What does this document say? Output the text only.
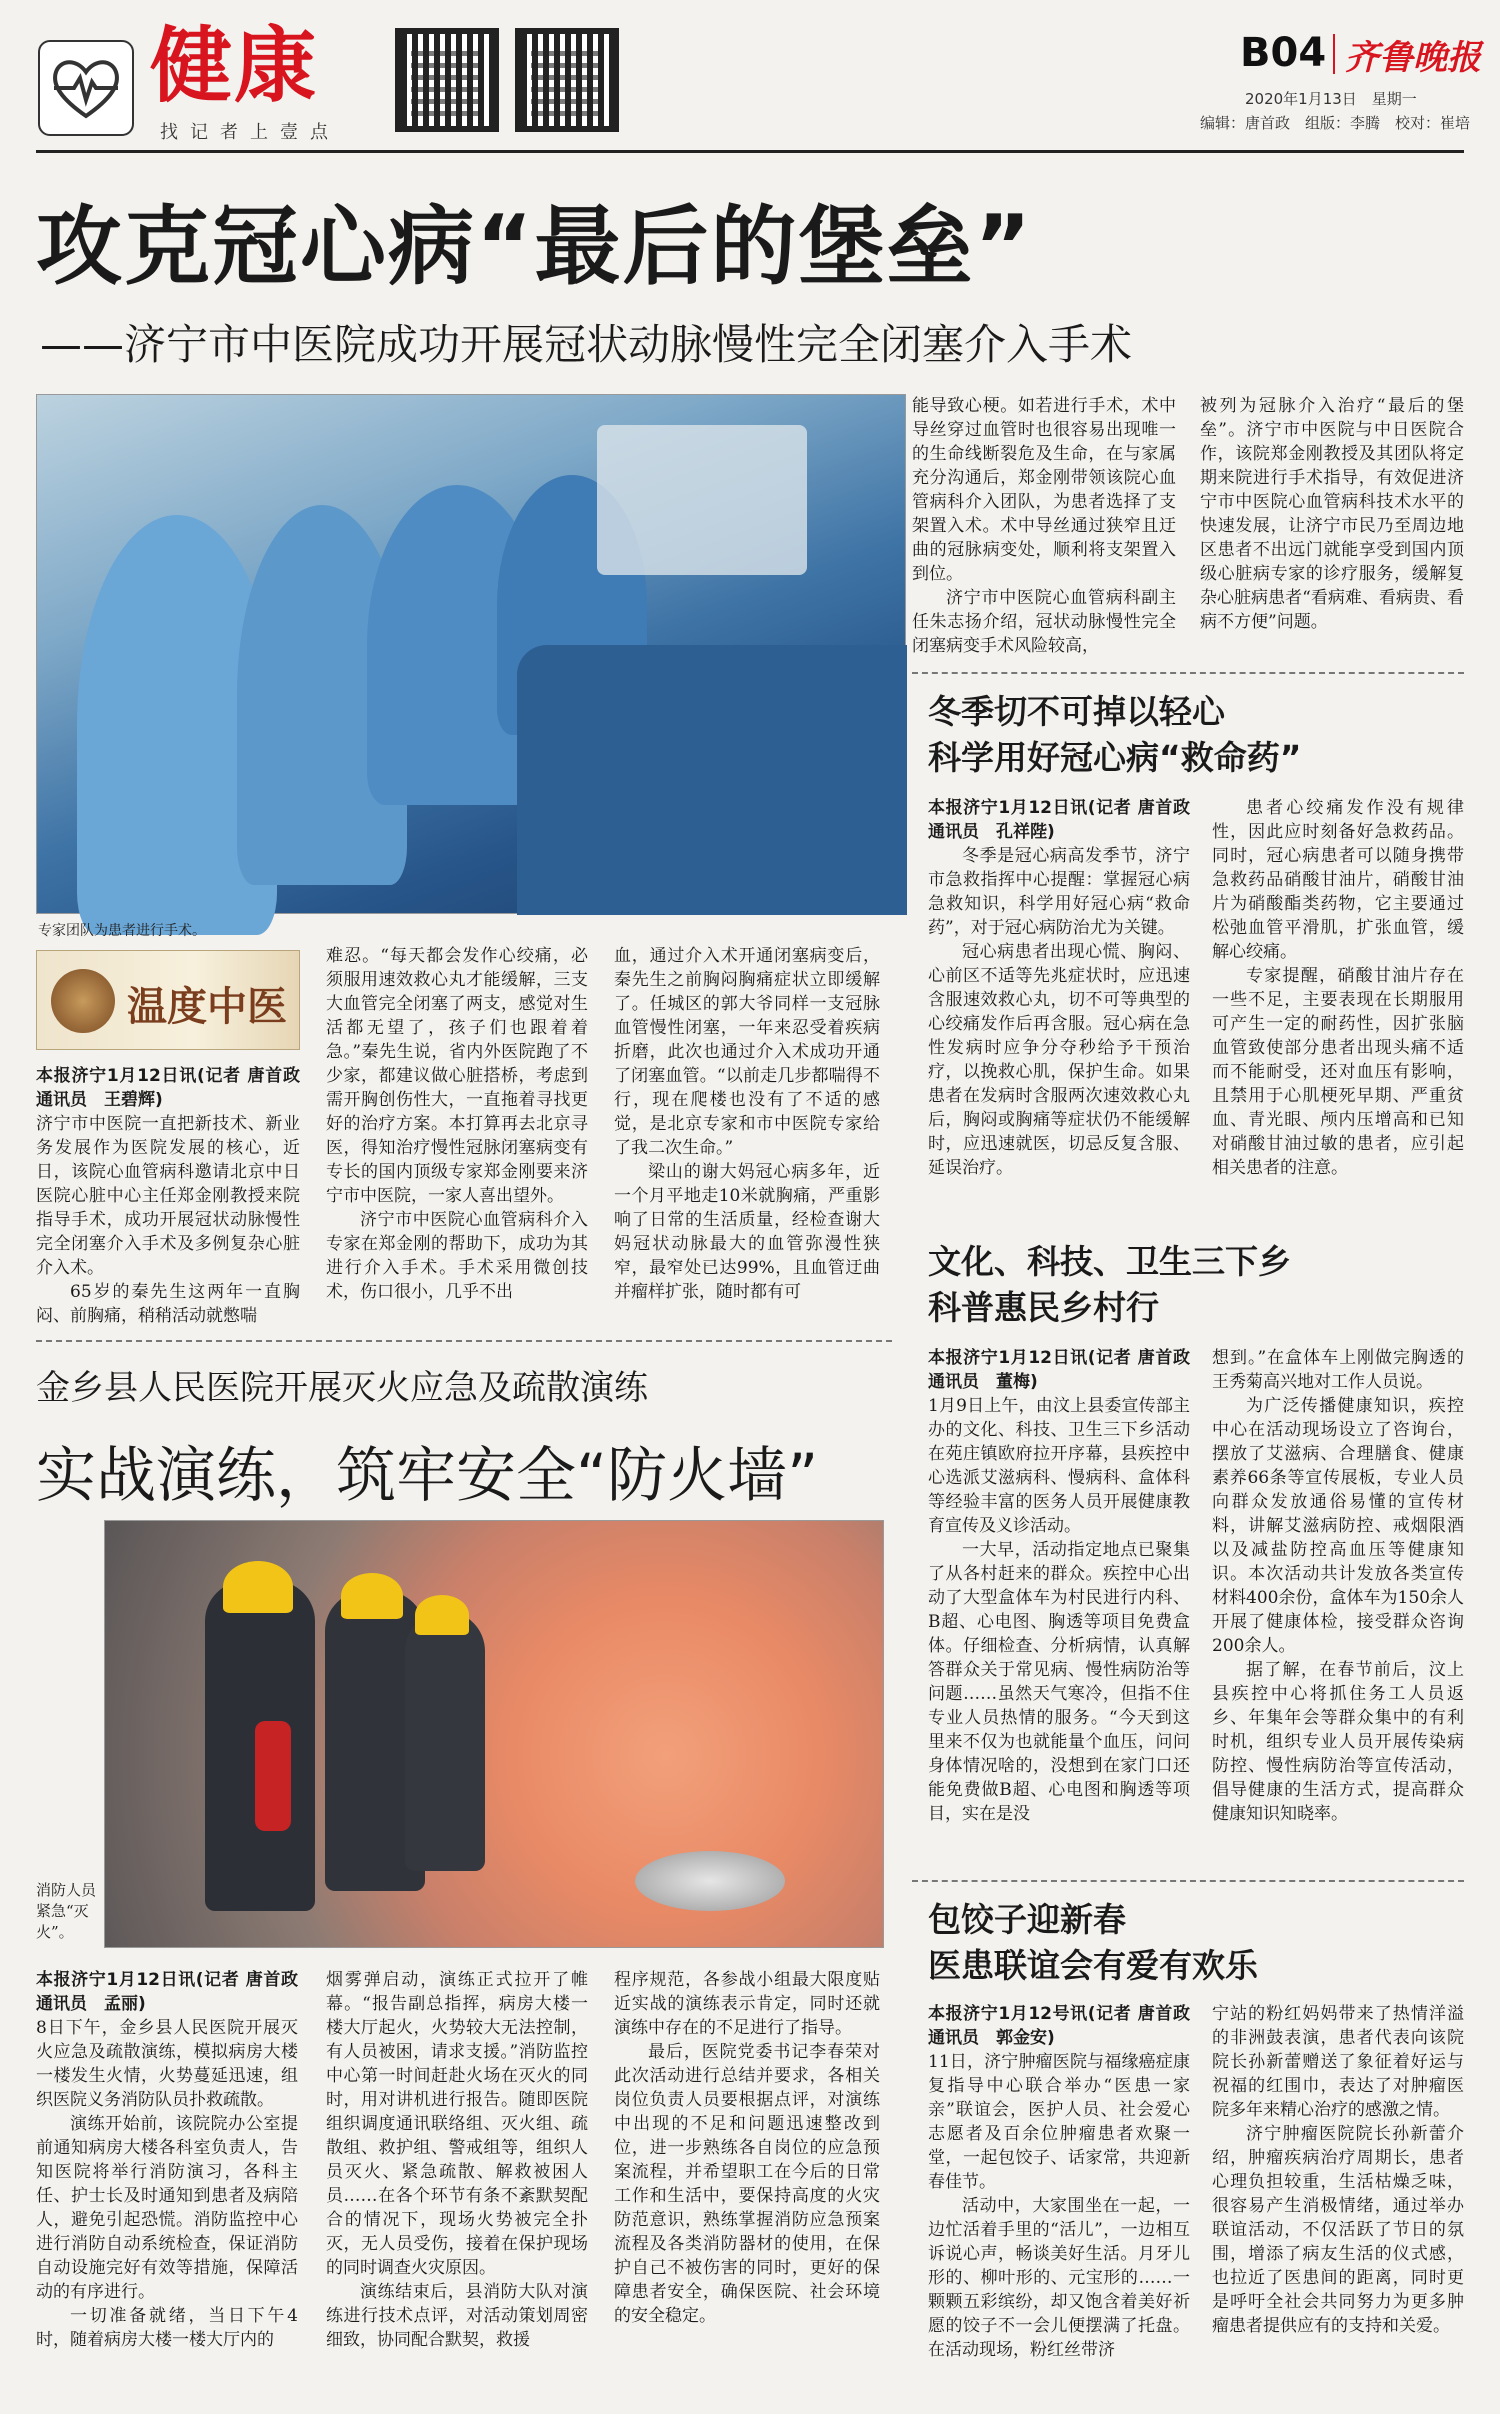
健康
找记者上壹点
B04 齐鲁晚报
2020年1月13日　星期一
编辑：唐首政　组版：李腾　校对：崔培
攻克冠心病“最后的堡垒”
——济宁市中医院成功开展冠状动脉慢性完全闭塞介入手术
专家团队为患者进行手术。
温度中医
本报济宁1月12日讯(记者 唐首政　通讯员　王碧辉)

济宁市中医院一直把新技术、新业务发展作为医院发展的核心，近日，该院心血管病科邀请北京中日医院心脏中心主任郑金刚教授来院指导手术，成功开展冠状动脉慢性完全闭塞介入手术及多例复杂心脏介入术。

65岁的秦先生这两年一直胸闷、前胸痛，稍稍活动就憋喘

难忍。“每天都会发作心绞痛，必须服用速效救心丸才能缓解，三支大血管完全闭塞了两支，感觉对生活都无望了，孩子们也跟着着急。”秦先生说，省内外医院跑了不少家，都建议做心脏搭桥，考虑到需开胸创伤性大，一直拖着寻找更好的治疗方案。本打算再去北京寻医，得知治疗慢性冠脉闭塞病变有专长的国内顶级专家郑金刚要来济宁市中医院，一家人喜出望外。

济宁市中医院心血管病科介入专家在郑金刚的帮助下，成功为其进行介入手术。手术采用微创技术，伤口很小，几乎不出

血，通过介入术开通闭塞病变后，秦先生之前胸闷胸痛症状立即缓解了。任城区的郭大爷同样一支冠脉血管慢性闭塞，一年来忍受着疾病折磨，此次也通过介入术成功开通了闭塞血管。“以前走几步都喘得不行，现在爬楼也没有了不适的感觉，是北京专家和市中医院专家给了我二次生命。”

梁山的谢大妈冠心病多年，近一个月平地走10米就胸痛，严重影响了日常的生活质量，经检查谢大妈冠状动脉最大的血管弥漫性狭窄，最窄处已达99%，且血管迂曲并瘤样扩张，随时都有可

能导致心梗。如若进行手术，术中导丝穿过血管时也很容易出现唯一的生命线断裂危及生命，在与家属充分沟通后，郑金刚带领该院心血管病科介入团队，为患者选择了支架置入术。术中导丝通过狭窄且迂曲的冠脉病变处，顺利将支架置入到位。

济宁市中医院心血管病科副主任朱志扬介绍，冠状动脉慢性完全闭塞病变手术风险较高，

被列为冠脉介入治疗“最后的堡垒”。济宁市中医院与中日医院合作，该院郑金刚教授及其团队将定期来院进行手术指导，有效促进济宁市中医院心血管病科技术水平的快速发展，让济宁市民乃至周边地区患者不出远门就能享受到国内顶级心脏病专家的诊疗服务，缓解复杂心脏病患者“看病难、看病贵、看病不方便”问题。

冬季切不可掉以轻心
科学用好冠心病“救命药”
本报济宁1月12日讯(记者 唐首政　通讯员　孔祥陛)

冬季是冠心病高发季节，济宁市急救指挥中心提醒：掌握冠心病急救知识，科学用好冠心病“救命药”，对于冠心病防治尤为关键。

冠心病患者出现心慌、胸闷、心前区不适等先兆症状时，应迅速含服速效救心丸，切不可等典型的心绞痛发作后再含服。冠心病在急性发病时应争分夺秒给予干预治疗，以挽救心肌，保护生命。如果患者在发病时含服两次速效救心丸后，胸闷或胸痛等症状仍不能缓解时，应迅速就医，切忌反复含服、延误治疗。

患者心绞痛发作没有规律性，因此应时刻备好急救药品。同时，冠心病患者可以随身携带急救药品硝酸甘油片，硝酸甘油片为硝酸酯类药物，它主要通过松弛血管平滑肌，扩张血管，缓解心绞痛。

专家提醒，硝酸甘油片存在一些不足，主要表现在长期服用可产生一定的耐药性，因扩张脑血管致使部分患者出现头痛不适而不能耐受，还对血压有影响，且禁用于心肌梗死早期、严重贫血、青光眼、颅内压增高和已知对硝酸甘油过敏的患者，应引起相关患者的注意。

文化、科技、卫生三下乡
科普惠民乡村行
本报济宁1月12日讯(记者 唐首政　通讯员　董梅)

1月9日上午，由汶上县委宣传部主办的文化、科技、卫生三下乡活动在苑庄镇欧府拉开序幕，县疾控中心选派艾滋病科、慢病科、盒体科等经验丰富的医务人员开展健康教育宣传及义诊活动。

一大早，活动指定地点已聚集了从各村赶来的群众。疾控中心出动了大型盒体车为村民进行内科、B超、心电图、胸透等项目免费盒体。仔细检查、分析病情，认真解答群众关于常见病、慢性病防治等问题……虽然天气寒冷，但指不住专业人员热情的服务。“今天到这里来不仅为也就能量个血压，问问身体情况啥的，没想到在家门口还能免费做B超、心电图和胸透等项目，实在是没

想到。”在盒体车上刚做完胸透的王秀菊高兴地对工作人员说。

为广泛传播健康知识，疾控中心在活动现场设立了咨询台，摆放了艾滋病、合理膳食、健康素养66条等宣传展板，专业人员向群众发放通俗易懂的宣传材料，讲解艾滋病防控、戒烟限酒以及减盐防控高血压等健康知识。本次活动共计发放各类宣传材料400余份，盒体车为150余人开展了健康体检，接受群众咨询200余人。

据了解，在春节前后，汶上县疾控中心将抓住务工人员返乡、年集年会等群众集中的有利时机，组织专业人员开展传染病防控、慢性病防治等宣传活动，倡导健康的生活方式，提高群众健康知识知晓率。

金乡县人民医院开展灭火应急及疏散演练
实战演练，筑牢安全“防火墙”
消防人员紧急“灭火”。
本报济宁1月12日讯(记者 唐首政　通讯员　孟丽)

8日下午，金乡县人民医院开展灭火应急及疏散演练，模拟病房大楼一楼发生火情，火势蔓延迅速，组织医院义务消防队员扑救疏散。

演练开始前，该院院办公室提前通知病房大楼各科室负责人，告知医院将举行消防演习，各科主任、护士长及时通知到患者及病陪人，避免引起恐慌。消防监控中心进行消防自动系统检查，保证消防自动设施完好有效等措施，保障活动的有序进行。

一切准备就绪，当日下午4时，随着病房大楼一楼大厅内的

烟雾弹启动，演练正式拉开了帷幕。“报告副总指挥，病房大楼一楼大厅起火，火势较大无法控制，有人员被困，请求支援。”消防监控中心第一时间赶赴火场在灭火的同时，用对讲机进行报告。随即医院组织调度通讯联络组、灭火组、疏散组、救护组、警戒组等，组织人员灭火、紧急疏散、解救被困人员……在各个环节有条不紊默契配合的情况下，现场火势被完全扑灭，无人员受伤，接着在保护现场的同时调查火灾原因。

演练结束后，县消防大队对演练进行技术点评，对活动策划周密细致，协同配合默契，救援

程序规范，各参战小组最大限度贴近实战的演练表示肯定，同时还就演练中存在的不足进行了指导。

最后，医院党委书记李春荣对此次活动进行总结并要求，各相关岗位负责人员要根据点评，对演练中出现的不足和问题迅速整改到位，进一步熟练各自岗位的应急预案流程，并希望职工在今后的日常工作和生活中，要保持高度的火灾防范意识，熟练掌握消防应急预案流程及各类消防器材的使用，在保护自己不被伤害的同时，更好的保障患者安全，确保医院、社会环境的安全稳定。

包饺子迎新春
医患联谊会有爱有欢乐
本报济宁1月12号讯(记者 唐首政　通讯员　郭金安)

11日，济宁肿瘤医院与福缘癌症康复指导中心联合举办“医患一家亲”联谊会，医护人员、社会爱心志愿者及百余位肿瘤患者欢聚一堂，一起包饺子、话家常，共迎新春佳节。

活动中，大家围坐在一起，一边忙活着手里的“活儿”，一边相互诉说心声，畅谈美好生活。月牙儿形的、柳叶形的、元宝形的……一颗颗五彩缤纷，却又饱含着美好祈愿的饺子不一会儿便摆满了托盘。在活动现场，粉红丝带济

宁站的粉红妈妈带来了热情洋溢的非洲鼓表演，患者代表向该院院长孙新蕾赠送了象征着好运与祝福的红围巾，表达了对肿瘤医院多年来精心治疗的感激之情。

济宁肿瘤医院院长孙新蕾介绍，肿瘤疾病治疗周期长，患者心理负担较重，生活枯燥乏味，很容易产生消极情绪，通过举办联谊活动，不仅活跃了节日的氛围，增添了病友生活的仪式感，也拉近了医患间的距离，同时更是呼吁全社会共同努力为更多肿瘤患者提供应有的支持和关爱。
